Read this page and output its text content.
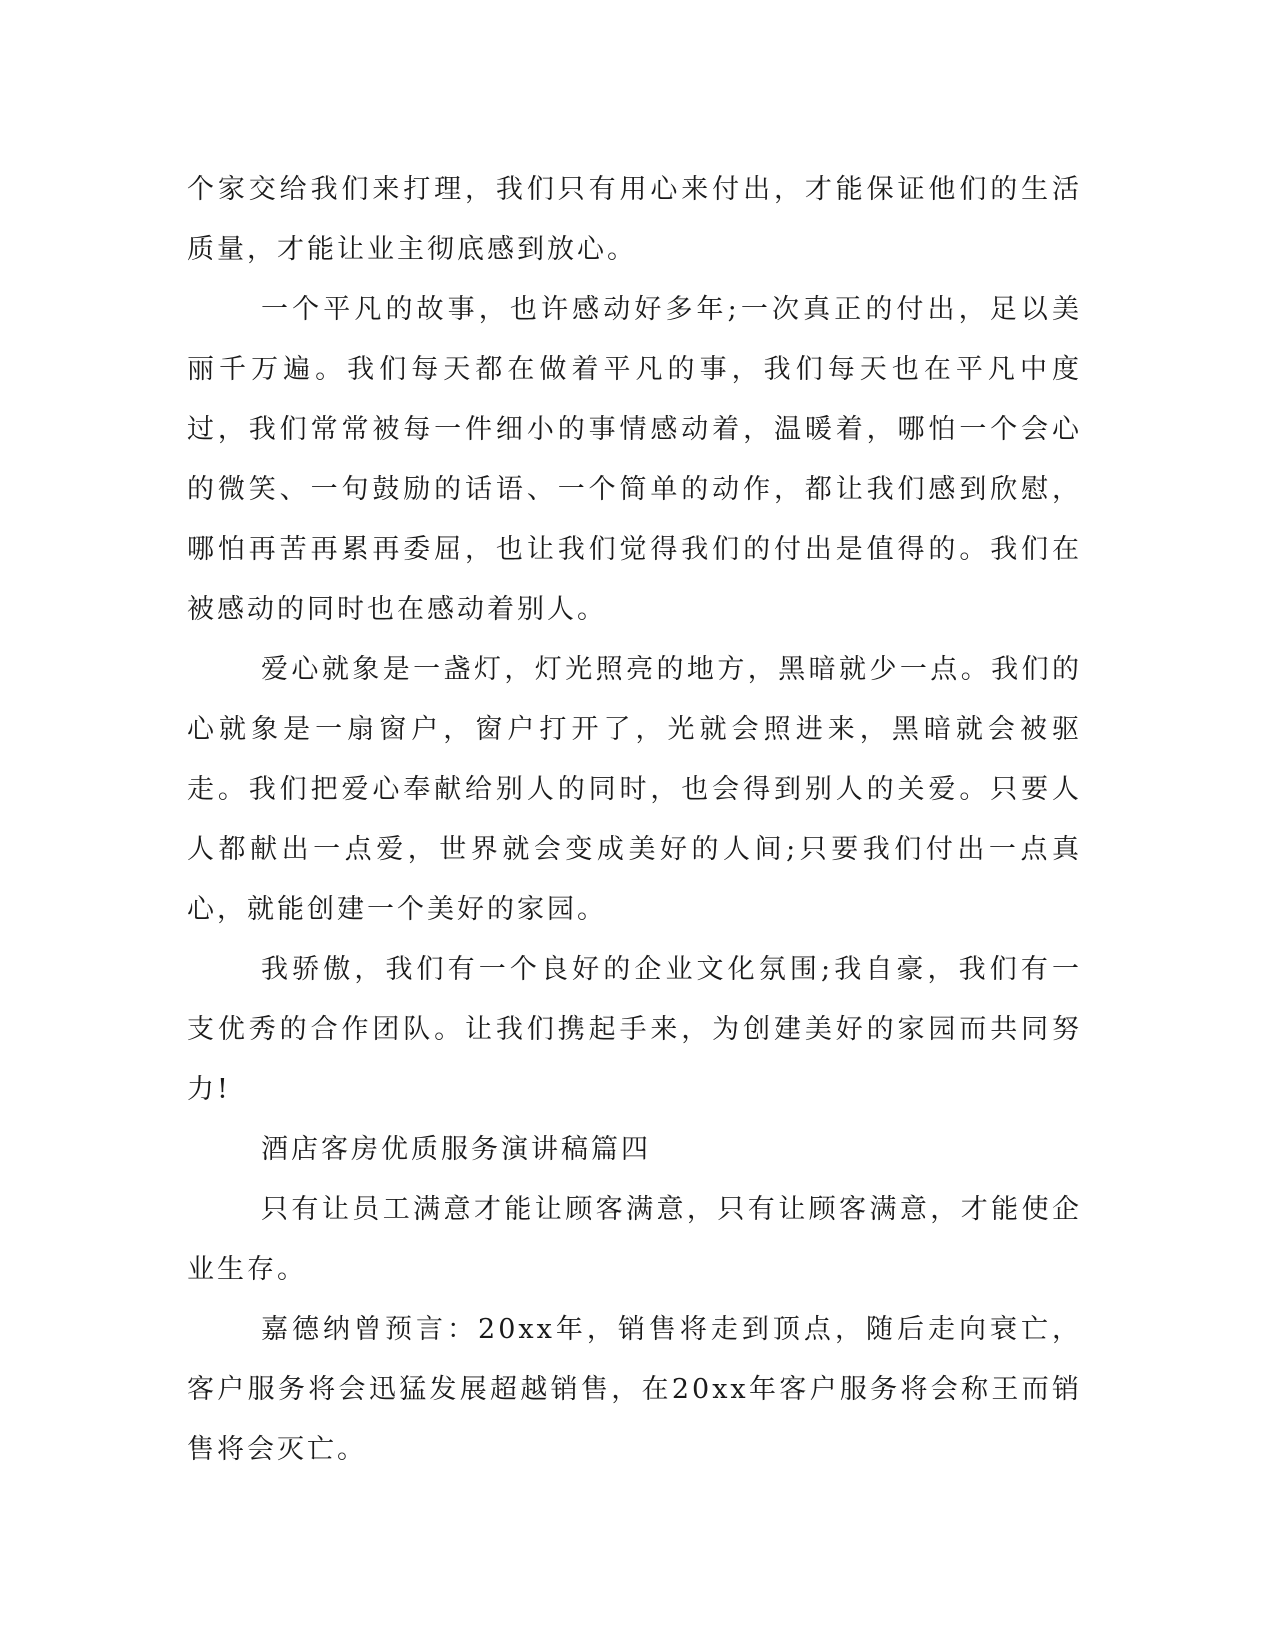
个家交给我们来打理，我们只有用心来付出，才能保证他们的生活质量，才能让业主彻底感到放心。

一个平凡的故事，也许感动好多年;一次真正的付出，足以美丽千万遍。我们每天都在做着平凡的事，我们每天也在平凡中度过，我们常常被每一件细小的事情感动着，温暖着，哪怕一个会心的微笑、一句鼓励的话语、一个简单的动作，都让我们感到欣慰，哪怕再苦再累再委屈，也让我们觉得我们的付出是值得的。我们在被感动的同时也在感动着别人。

爱心就象是一盏灯，灯光照亮的地方，黑暗就少一点。我们的心就象是一扇窗户，窗户打开了，光就会照进来，黑暗就会被驱走。我们把爱心奉献给别人的同时，也会得到别人的关爱。只要人人都献出一点爱，世界就会变成美好的人间;只要我们付出一点真心，就能创建一个美好的家园。

我骄傲，我们有一个良好的企业文化氛围;我自豪，我们有一支优秀的合作团队。让我们携起手来，为创建美好的家园而共同努力!

酒店客房优质服务演讲稿篇四

只有让员工满意才能让顾客满意，只有让顾客满意，才能使企业生存。

嘉德纳曾预言：20xx年，销售将走到顶点，随后走向衰亡，客户服务将会迅猛发展超越销售，在20xx年客户服务将会称王而销售将会灭亡。
